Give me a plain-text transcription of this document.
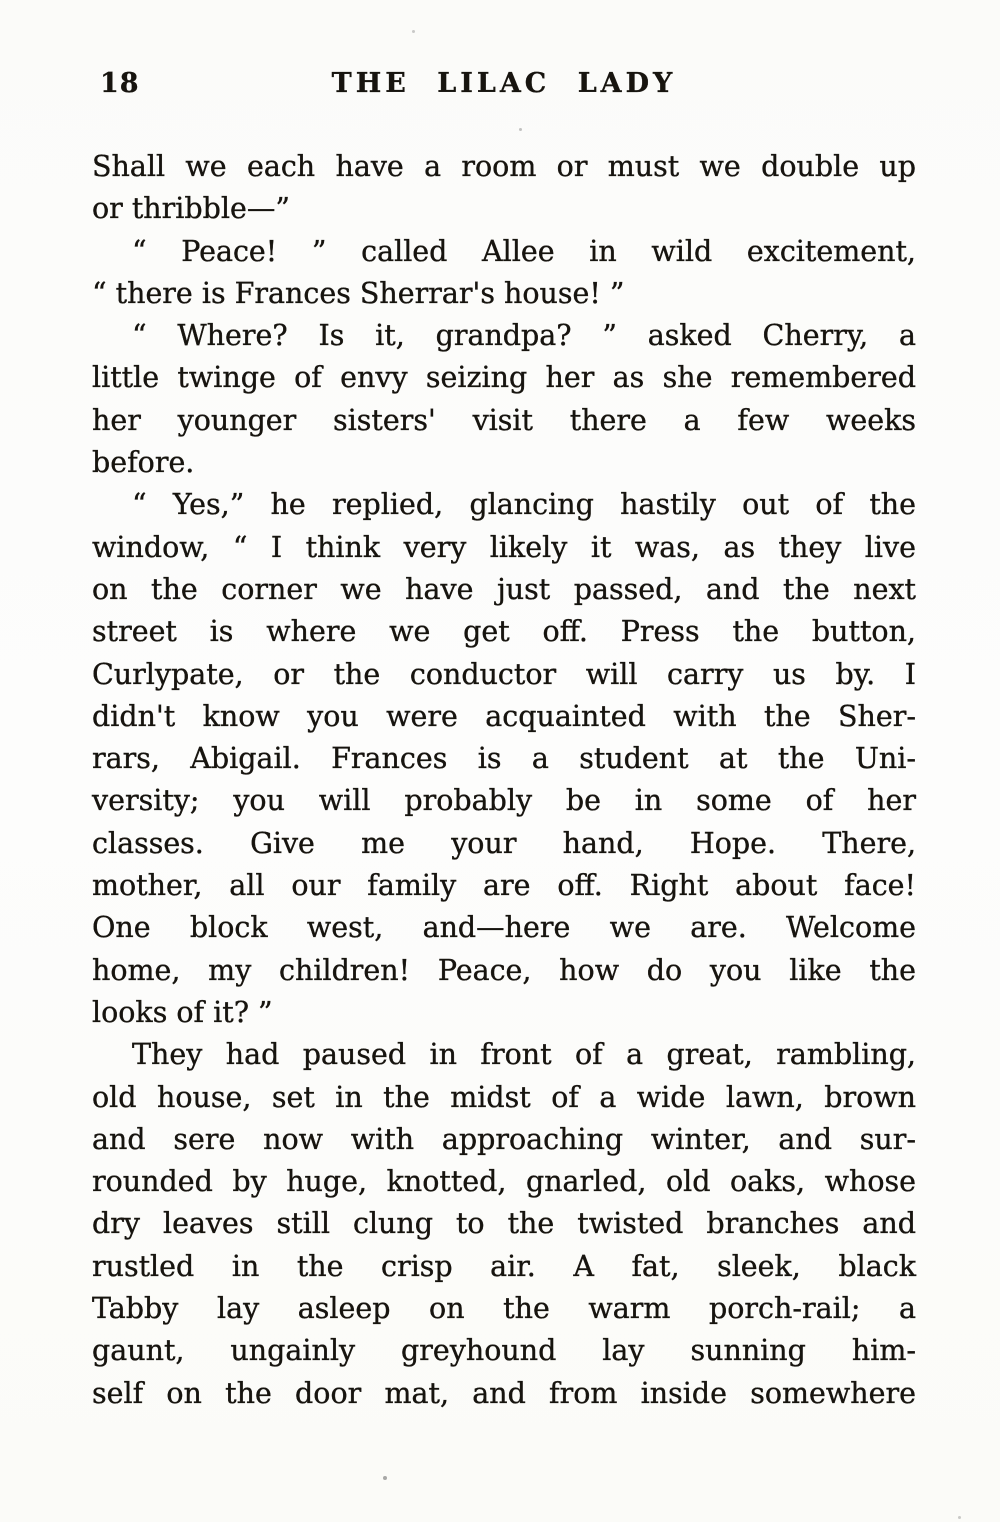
18	THE LILAC LADY
Shall we each have a room or must we double up
or thribble—”
“ Peace! ” called Allee in wild excitement,
“ there is Frances Sherrar's house! ”
“ Where? Is it, grandpa? ” asked Cherry, a
little twinge of envy seizing her as she remembered
her younger sisters' visit there a few weeks
before.
“ Yes,” he replied, glancing hastily out of the
window, “ I think very likely it was, as they live
on the corner we have just passed, and the next
street is where we get off. Press the button,
Curlypate, or the conductor will carry us by. I
didn't know you were acquainted with the Sher-
rars, Abigail. Frances is a student at the Uni-
versity; you will probably be in some of her
classes. Give me your hand, Hope. There,
mother, all our family are off. Right about face!
One block west, and—here we are. Welcome
home, my children! Peace, how do you like the
looks of it? ”
They had paused in front of a great, rambling,
old house, set in the midst of a wide lawn, brown
and sere now with approaching winter, and sur-
rounded by huge, knotted, gnarled, old oaks, whose
dry leaves still clung to the twisted branches and
rustled in the crisp air. A fat, sleek, black
Tabby lay asleep on the warm porch-rail; a
gaunt, ungainly greyhound lay sunning him-
self on the door mat, and from inside somewhere
